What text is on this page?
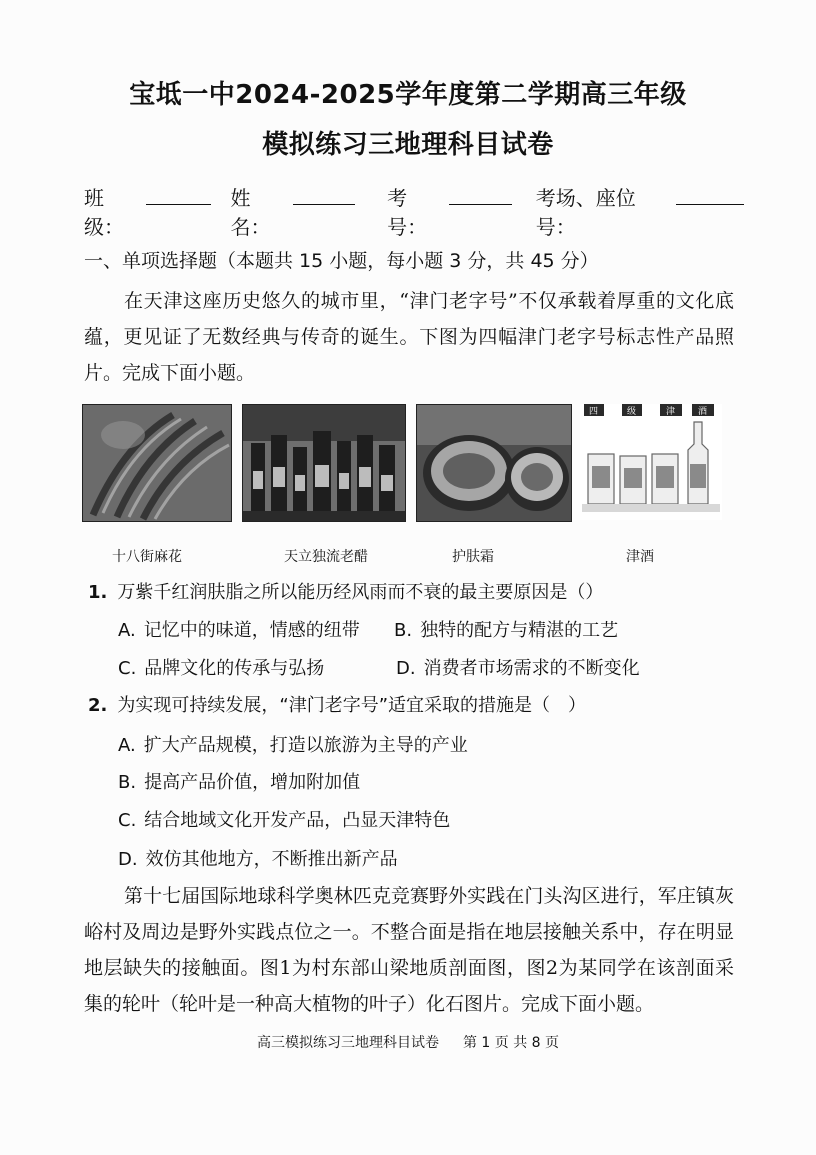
宝坻一中2024-2025学年度第二学期高三年级
模拟练习三地理科目试卷
班级：
姓名：
考号：
考场、座位号：
一、单项选择题（本题共 15 小题，每小题 3 分，共 45 分）
在天津这座历史悠久的城市里，“津门老字号”不仅承载着厚重的文化底蕴，更见证了无数经典与传奇的诞生。下图为四幅津门老字号标志性产品照片。完成下面小题。
四	级	津	酒
十八街麻花	天立独流老醋	护肤霜	津酒
1. 万紫千红润肤脂之所以能历经风雨而不衰的最主要原因是（）
A. 记忆中的味道，情感的纽带 B. 独特的配方与精湛的工艺
C. 品牌文化的传承与弘扬	D. 消费者市场需求的不断变化
2. 为实现可持续发展，“津门老字号”适宜采取的措施是（　）
A. 扩大产品规模，打造以旅游为主导的产业
B. 提高产品价值，增加附加值
C. 结合地域文化开发产品，凸显天津特色
D. 效仿其他地方，不断推出新产品
第十七届国际地球科学奥林匹克竞赛野外实践在门头沟区进行，军庄镇灰峪村及周边是野外实践点位之一。不整合面是指在地层接触关系中，存在明显地层缺失的接触面。图1为村东部山梁地质剖面图，图2为某同学在该剖面采集的轮叶（轮叶是一种高大植物的叶子）化石图片。完成下面小题。
高三模拟练习三地理科目试卷 第 1 页 共 8 页
